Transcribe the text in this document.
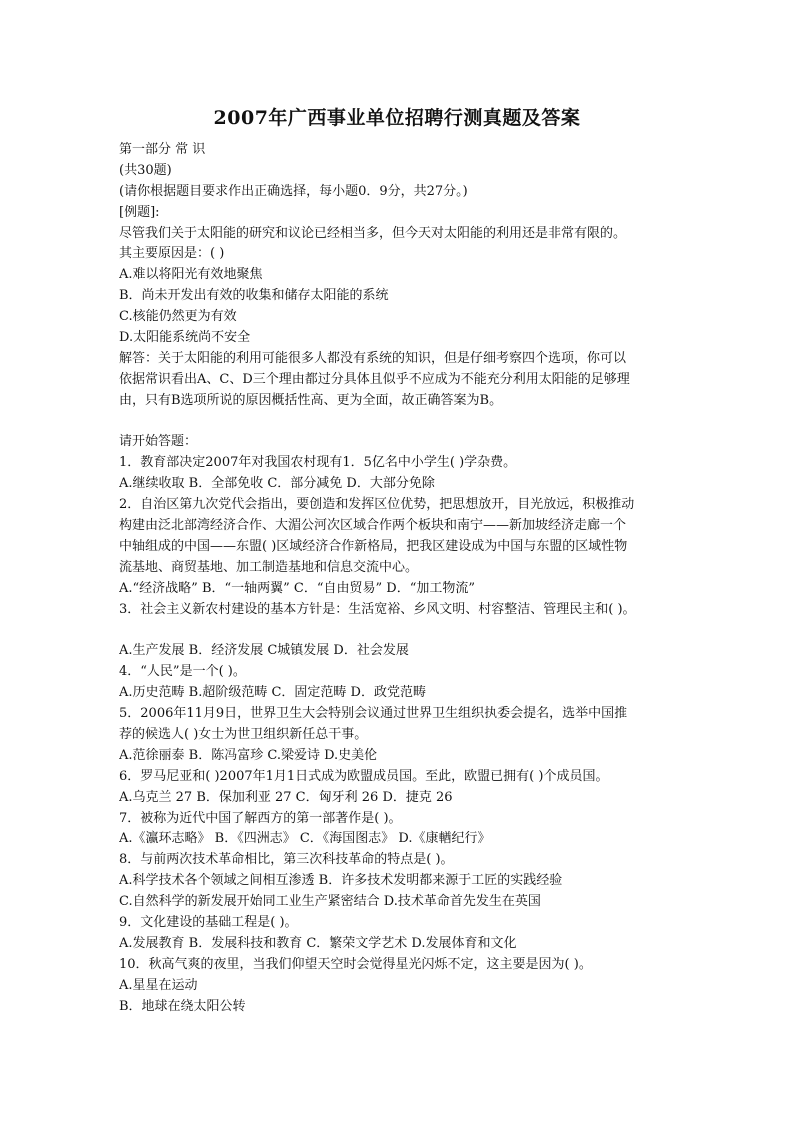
2007年广西事业单位招聘行测真题及答案
第一部分 常 识
(共30题)
(请你根据题目要求作出正确选择，每小题0．9分，共27分。)
[例题]:
尽管我们关于太阳能的研究和议论已经相当多，但今天对太阳能的利用还是非常有限的。
其主要原因是：( )
A.难以将阳光有效地聚焦
B．尚未开发出有效的收集和储存太阳能的系统
C.核能仍然更为有效
D.太阳能系统尚不安全
解答：关于太阳能的利用可能很多人都没有系统的知识，但是仔细考察四个选项，你可以
依据常识看出A、C、D三个理由都过分具体且似乎不应成为不能充分利用太阳能的足够理
由，只有B选项所说的原因概括性高、更为全面，故正确答案为B。
请开始答题：
1．教育部决定2007年对我国农村现有1．5亿名中小学生( )学杂费。
A.继续收取 B．全部免收 C．部分减免 D．大部分免除
2．自治区第九次党代会指出，要创造和发挥区位优势，把思想放开，目光放远，积极推动
构建由泛北部湾经济合作、大湄公河次区域合作两个板块和南宁——新加坡经济走廊一个
中轴组成的中国——东盟( )区域经济合作新格局，把我区建设成为中国与东盟的区域性物
流基地、商贸基地、加工制造基地和信息交流中心。
A.“经济战略” B．“一轴两翼” C．“自由贸易” D．“加工物流”
3．社会主义新农村建设的基本方针是：生活宽裕、乡风文明、村容整洁、管理民主和( )。
A.生产发展 B．经济发展 C城镇发展 D．社会发展
4．“人民”是一个( )。
A.历史范畴 B.超阶级范畴 C．固定范畴 D．政党范畴
5．2006年11月9日，世界卫生大会特别会议通过世界卫生组织执委会提名，选举中国推
荐的候选人( )女士为世卫组织新任总干事。
A.范徐丽泰 B．陈冯富珍 C.梁爱诗 D.史美伦
6．罗马尼亚和( )2007年1月1日式成为欧盟成员国。至此，欧盟已拥有( )个成员国。
A.乌克兰 27 B．保加利亚 27 C．匈牙利 26 D．捷克 26
7．被称为近代中国了解西方的第一部著作是( )。
A.《瀛环志略》 B．《四洲志》 C．《海国图志》 D.《康輶纪行》
8．与前两次技术革命相比，第三次科技革命的特点是( )。
A.科学技术各个领域之间相互渗透 B．许多技术发明都来源于工匠的实践经验
C.自然科学的新发展开始同工业生产紧密结合 D.技术革命首先发生在英国
9．文化建设的基础工程是( )。
A.发展教育 B．发展科技和教育 C．繁荣文学艺术 D.发展体育和文化
10．秋高气爽的夜里，当我们仰望天空时会觉得星光闪烁不定，这主要是因为( )。
A.星星在运动
B．地球在绕太阳公转
